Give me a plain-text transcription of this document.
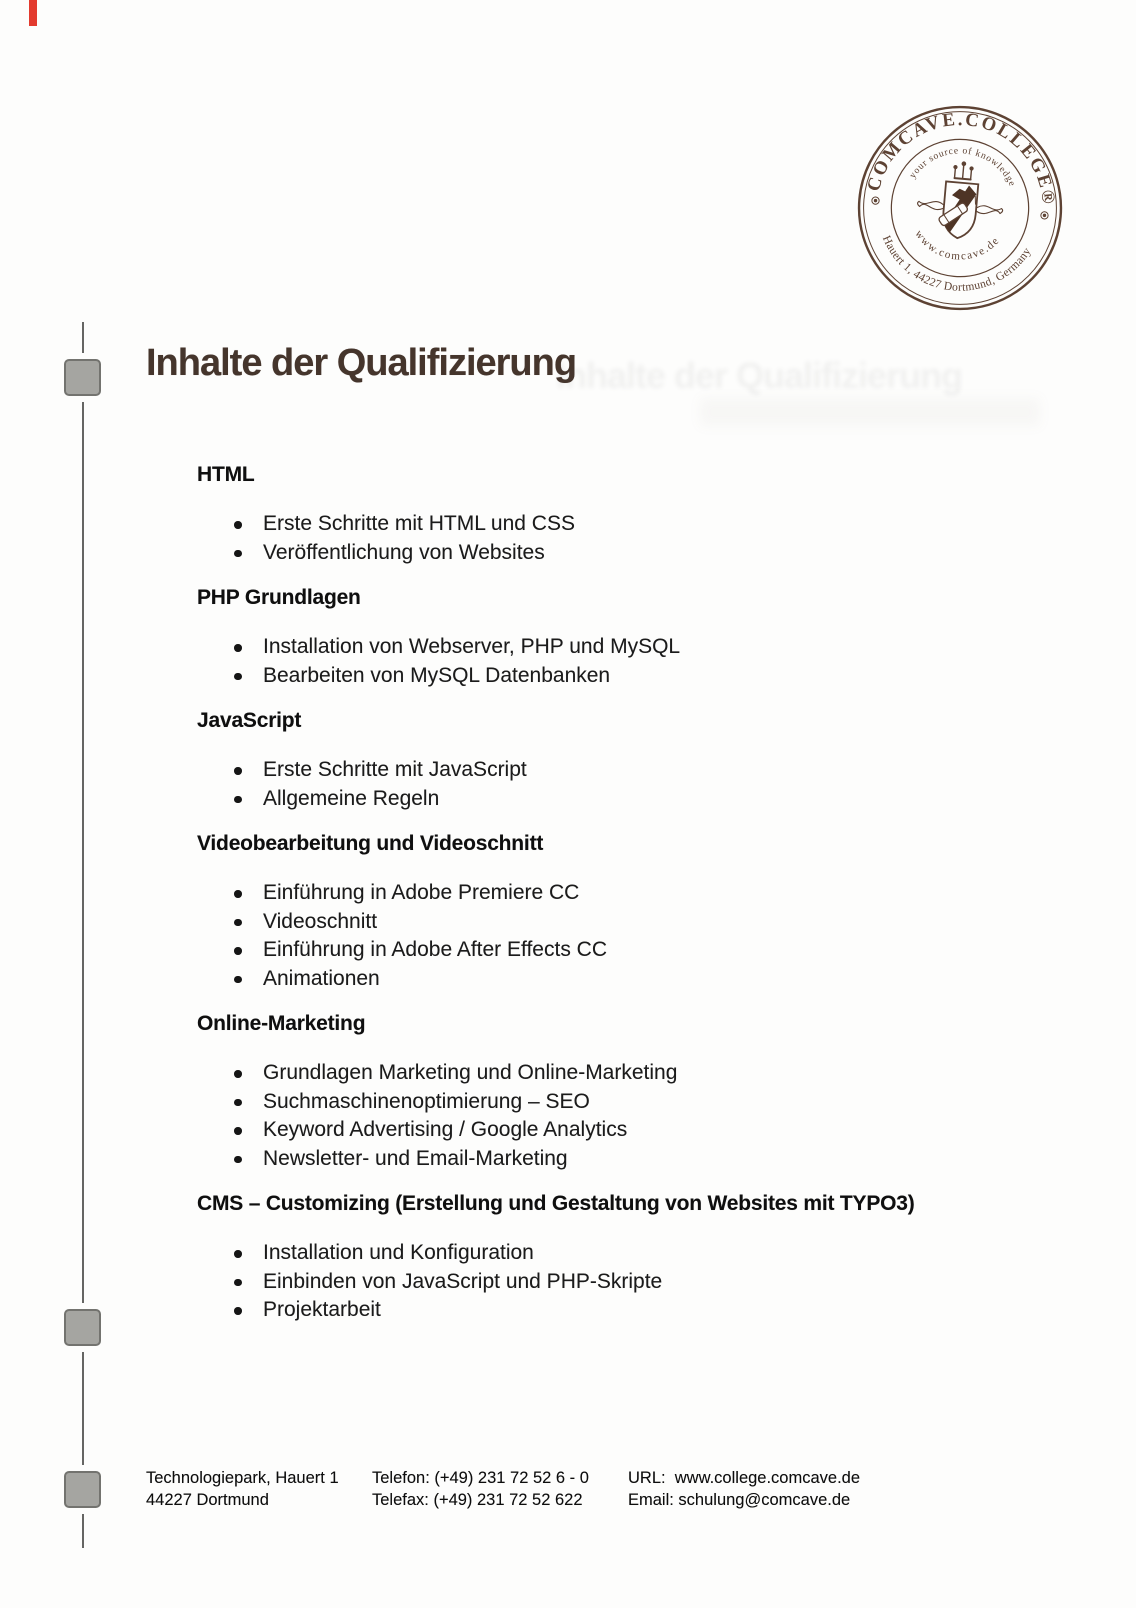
COMCAVE.COLLEGE®
Hauert 1, 44227 Dortmund, Germany
your source of knowledge
www.comcave.de
Inhalte der Qualifizierung
Inhalte der Qualifizierung
HTML
Erste Schritte mit HTML und CSS
Veröffentlichung von Websites
PHP Grundlagen
Installation von Webserver, PHP und MySQL
Bearbeiten von MySQL Datenbanken
JavaScript
Erste Schritte mit JavaScript
Allgemeine Regeln
Videobearbeitung und Videoschnitt
Einführung in Adobe Premiere CC
Videoschnitt
Einführung in Adobe After Effects CC
Animationen
Online-Marketing
Grundlagen Marketing und Online-Marketing
Suchmaschinenoptimierung – SEO
Keyword Advertising / Google Analytics
Newsletter- und Email-Marketing
CMS – Customizing (Erstellung und Gestaltung von Websites mit TYPO3)
Installation und Konfiguration
Einbinden von JavaScript und PHP-Skripte
Projektarbeit
Technologiepark, Hauert 1
44227 Dortmund
Telefon: (+49) 231 72 52 6 - 0
Telefax: (+49) 231 72 52 622
URL:  www.college.comcave.de
Email: schulung@comcave.de
